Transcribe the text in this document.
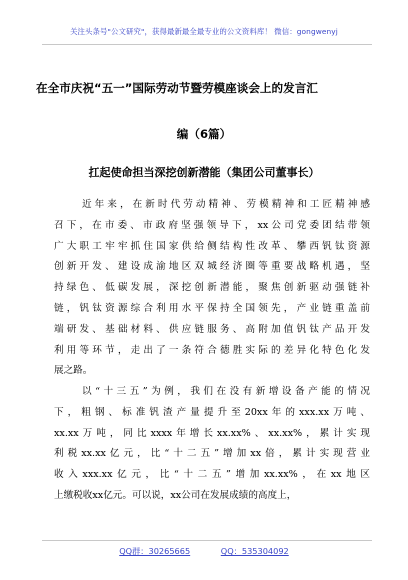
关注头条号"公文研究"，获得最新最全最专业的公文资料库！ 微信：gongwenyj
在全市庆祝“五一”国际劳动节暨劳模座谈会上的发言汇
编（6篇）
扛起使命担当深挖创新潜能（集团公司董事长）
近年来，在新时代劳动精神、劳模精神和工匠精神感
召下，在市委、市政府坚强领导下，xx公司党委团结带领
广大职工牢牢抓住国家供给侧结构性改革、攀西钒钛资源
创新开发、建设成渝地区双城经济圈等重要战略机遇，坚
持绿色、低碳发展，深挖创新潜能，聚焦创新驱动强链补
链，钒钛资源综合利用水平保持全国领先，产业链重盖前
端研发、基础材料、供应链服务、高附加值钒钛产品开发
利用等环节，走出了一条符合德胜实际的差异化特色化发
展之路。
以“十三五”为例，我们在没有新增设备产能的情况
下，粗钢、标准钒渣产量提升至20xx年的xxx.xx万吨、
xx.xx万吨，同比xxxx年增长xx.xx%、xx.xx%，累计实现
利税xx.xx亿元，比“十二五”增加xx倍，累计实现营业
收入xxx.xx亿元，比“十二五”增加xx.xx%，在xx地区
上缴税收xx亿元。可以说，xx公司在发展成绩的高度上，
QQ群：30265665	QQ：535304092
